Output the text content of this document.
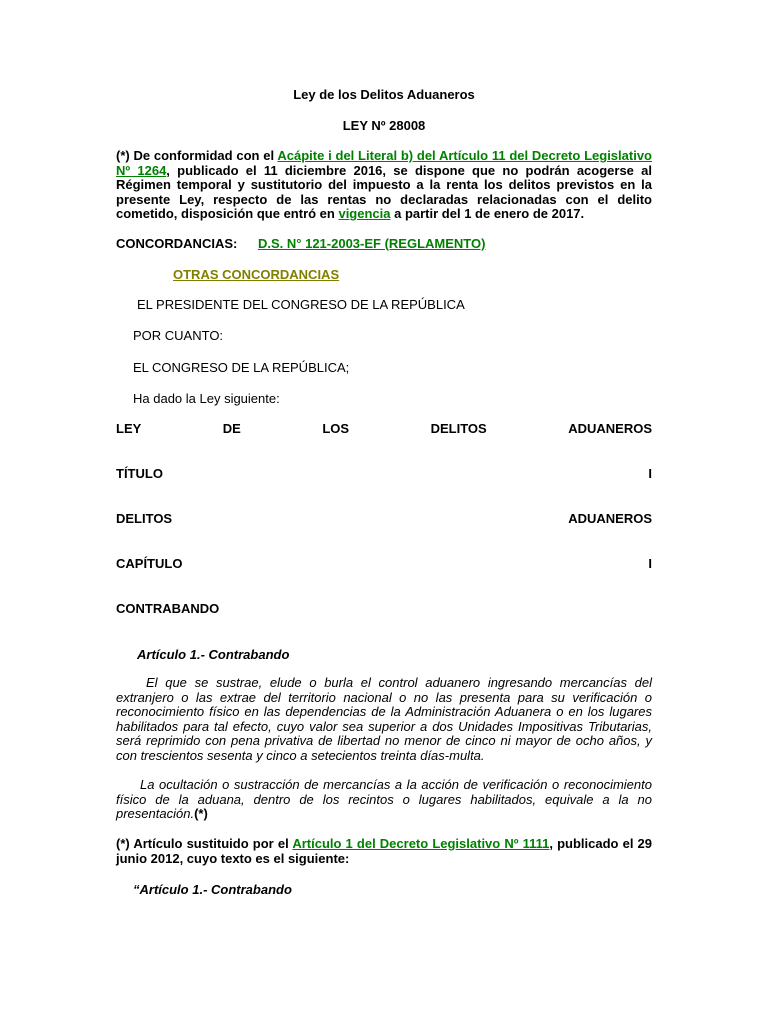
Ley de los Delitos Aduaneros
LEY Nº 28008
(*) De conformidad con el Acápite i del Literal b) del Artículo 11 del Decreto Legislativo Nº 1264, publicado el 11 diciembre 2016, se dispone que no podrán acogerse al Régimen temporal y sustitutorio del impuesto a la renta los delitos previstos en la presente Ley, respecto de las rentas no declaradas relacionadas con el delito cometido, disposición que entró en vigencia a partir del 1 de enero de 2017.
CONCORDANCIAS: D.S. N° 121-2003-EF (REGLAMENTO)
OTRAS CONCORDANCIAS
EL PRESIDENTE DEL CONGRESO DE LA REPÚBLICA
POR CUANTO:
EL CONGRESO DE LA REPÚBLICA;
Ha dado la Ley siguiente:
LEY	DE	LOS	DELITOS	ADUANEROS
TÍTULO	I
DELITOS	ADUANEROS
CAPÍTULO	I
CONTRABANDO
Artículo 1.- Contrabando
El que se sustrae, elude o burla el control aduanero ingresando mercancías del extranjero o las extrae del territorio nacional o no las presenta para su verificación o reconocimiento físico en las dependencias de la Administración Aduanera o en los lugares habilitados para tal efecto, cuyo valor sea superior a dos Unidades Impositivas Tributarias, será reprimido con pena privativa de libertad no menor de cinco ni mayor de ocho años, y con trescientos sesenta y cinco a setecientos treinta días-multa.
La ocultación o sustracción de mercancías a la acción de verificación o reconocimiento físico de la aduana, dentro de los recintos o lugares habilitados, equivale a la no presentación.(*)
(*) Artículo sustituido por el Artículo 1 del Decreto Legislativo Nº 1111, publicado el 29 junio 2012, cuyo texto es el siguiente:
“Artículo 1.- Contrabando
